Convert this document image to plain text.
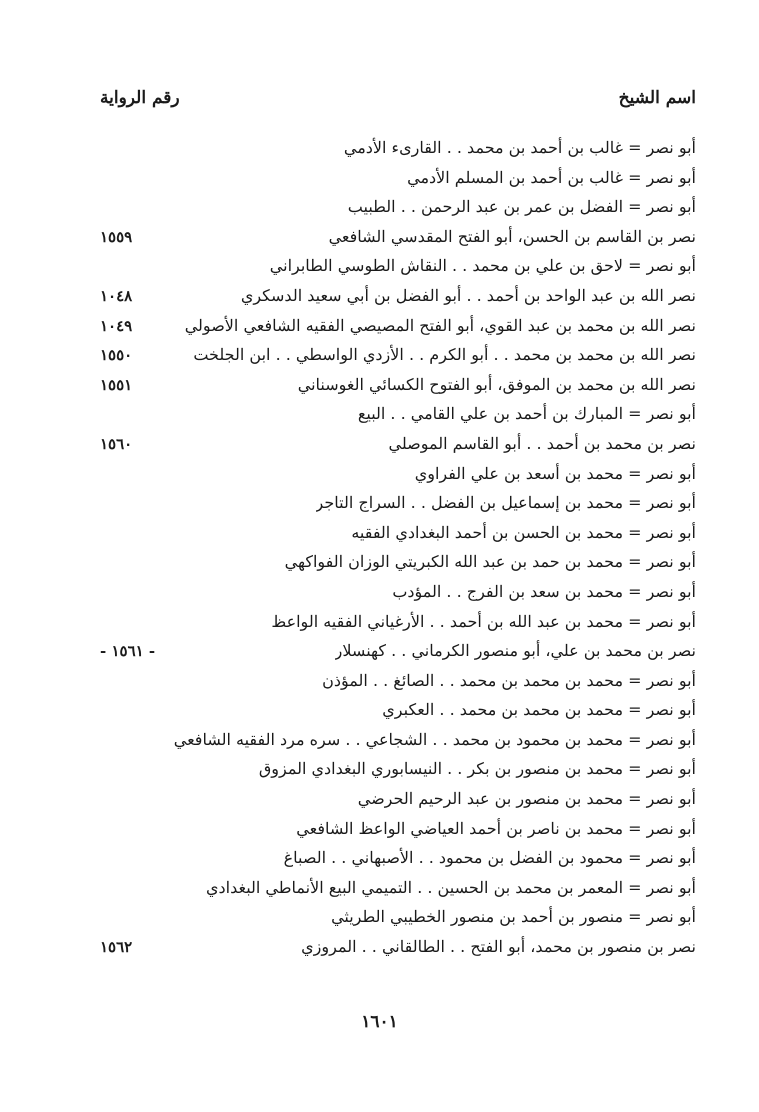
اسم الشيخ
رقم الرواية
أبو نصر = غالب بن أحمد بن محمد . . القارىء الأدمي
أبو نصر = غالب بن أحمد بن المسلم الأدمي
أبو نصر = الفضل بن عمر بن عبد الرحمن . . الطبيب
نصر بن القاسم بن الحسن، أبو الفتح المقدسي الشافعي
١٥٥٩
أبو نصر = لاحق بن علي بن محمد . . النقاش الطوسي الطابراني
نصر الله بن عبد الواحد بن أحمد . . أبو الفضل بن أبي سعيد الدسكري
١٠٤٨
نصر الله بن محمد بن عبد القوي، أبو الفتح المصيصي الفقيه الشافعي الأصولي
١٠٤٩
نصر الله بن محمد بن محمد . . أبو الكرم . . الأزدي الواسطي . . ابن الجلخت
١٥٥٠
نصر الله بن محمد بن الموفق، أبو الفتوح الكسائي الغوسناني
١٥٥١
أبو نصر = المبارك بن أحمد بن علي القامي . . البيع
نصر بن محمد بن أحمد . . أبو القاسم الموصلي
١٥٦٠
أبو نصر = محمد بن أسعد بن علي الفراوي
أبو نصر = محمد بن إسماعيل بن الفضل . . السراج التاجر
أبو نصر = محمد بن الحسن بن أحمد البغدادي الفقيه
أبو نصر = محمد بن حمد بن عبد الله الكبريتي الوزان الفواكهي
أبو نصر = محمد بن سعد بن الفرج . . المؤدب
أبو نصر = محمد بن عبد الله بن أحمد . . الأرغياني الفقيه الواعظ
نصر بن محمد بن علي، أبو منصور الكرماني . . كهنسلار
- ١٥٦١ -
أبو نصر = محمد بن محمد بن محمد . . الصائغ . . المؤذن
أبو نصر = محمد بن محمد بن محمد . . العكبري
أبو نصر = محمد بن محمود بن محمد . . الشجاعي . . سره مرد الفقيه الشافعي
أبو نصر = محمد بن منصور بن بكر . . النيسابوري البغدادي المزوق
أبو نصر = محمد بن منصور بن عبد الرحيم الحرضي
أبو نصر = محمد بن ناصر بن أحمد العياضي الواعظ الشافعي
أبو نصر = محمود بن الفضل بن محمود . . الأصبهاني . . الصباغ
أبو نصر = المعمر بن محمد بن الحسين . . التميمي البيع الأنماطي البغدادي
أبو نصر = منصور بن أحمد بن منصور الخطيبي الطريثي
نصر بن منصور بن محمد، أبو الفتح . . الطالقاني . . المروزي
١٥٦٢
١٦٠١
